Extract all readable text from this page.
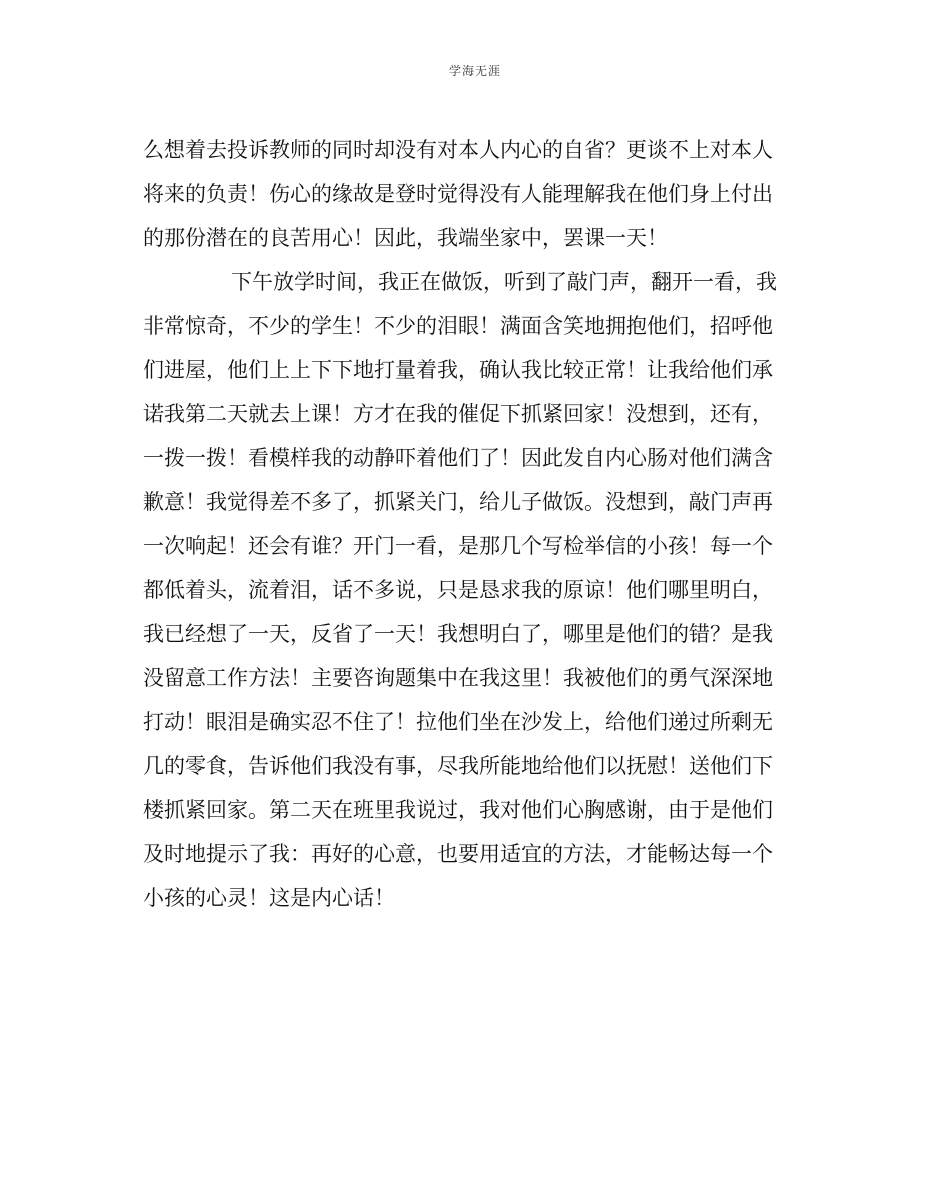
学海无涯
么想着去投诉教师的同时却没有对本人内心的自省？更谈不上对本人
将来的负责！伤心的缘故是登时觉得没有人能理解我在他们身上付出
的那份潜在的良苦用心！因此，我端坐家中，罢课一天！
下午放学时间，我正在做饭，听到了敲门声，翻开一看，我
非常惊奇，不少的学生！不少的泪眼！满面含笑地拥抱他们，招呼他
们进屋，他们上上下下地打量着我，确认我比较正常！让我给他们承
诺我第二天就去上课！方才在我的催促下抓紧回家！没想到，还有，
一拨一拨！看模样我的动静吓着他们了！因此发自内心肠对他们满含
歉意！我觉得差不多了，抓紧关门，给儿子做饭。没想到，敲门声再
一次响起！还会有谁？开门一看，是那几个写检举信的小孩！每一个
都低着头，流着泪，话不多说，只是恳求我的原谅！他们哪里明白，
我已经想了一天，反省了一天！我想明白了，哪里是他们的错？是我
没留意工作方法！主要咨询题集中在我这里！我被他们的勇气深深地
打动！眼泪是确实忍不住了！拉他们坐在沙发上，给他们递过所剩无
几的零食，告诉他们我没有事，尽我所能地给他们以抚慰！送他们下
楼抓紧回家。第二天在班里我说过，我对他们心胸感谢，由于是他们
及时地提示了我：再好的心意，也要用适宜的方法，才能畅达每一个
小孩的心灵！这是内心话！
